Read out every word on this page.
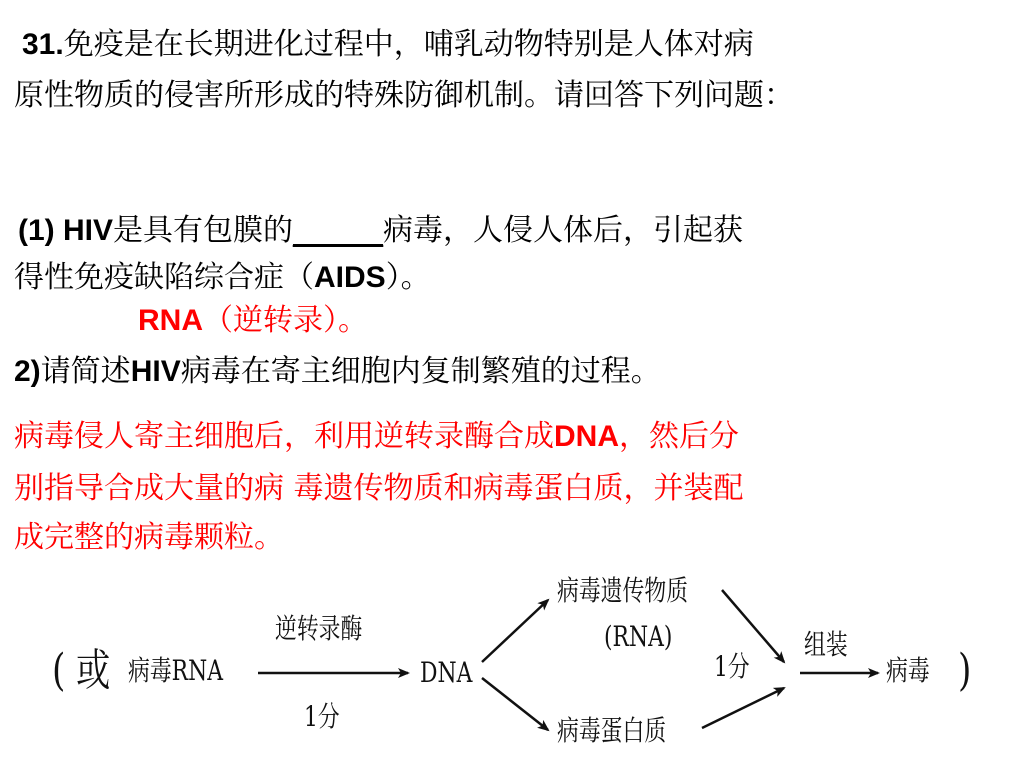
31.免疫是在长期进化过程中，哺乳动物特别是人体对病
原性物质的侵害所形成的特殊防御机制。请回答下列问题：
(1) HIV是具有包膜的______病毒，人侵人体后，引起获
得性免疫缺陷综合症（AIDS）。
RNA（逆转录）。
2)请简述HIV病毒在寄主细胞内复制繁殖的过程。
病毒侵人寄主细胞后，利用逆转录酶合成DNA，然后分
别指导合成大量的病 毒遗传物质和病毒蛋白质，并装配
成完整的病毒颗粒。
( 或 病毒RNA
逆转录酶
1分
DNA
病毒遗传物质
(RNA)
病毒蛋白质
1分
组装
病毒 )
